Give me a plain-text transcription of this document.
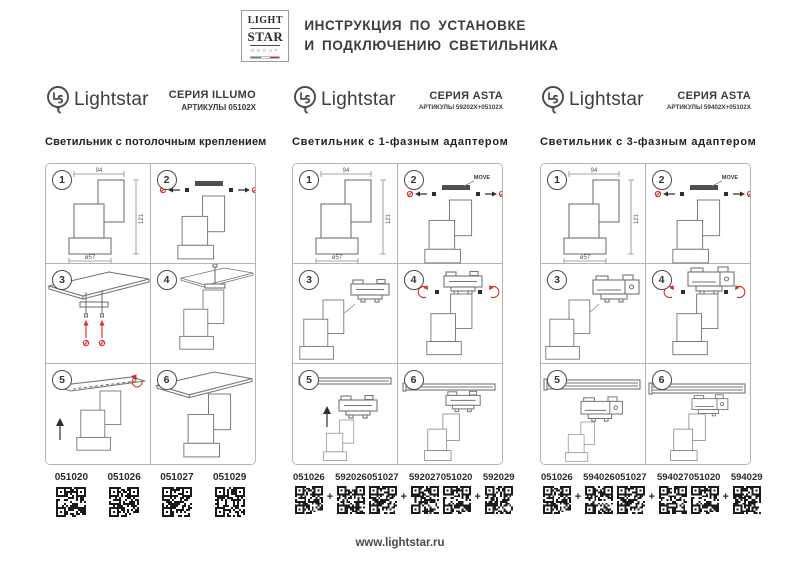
LIGHT
STAR
GROUP
ИНСТРУКЦИЯ ПО УСТАНОВКЕ
И ПОДКЛЮЧЕНИЮ СВЕТИЛЬНИКА
Lightstar СЕРИЯ ILLUMO
АРТИКУЛЫ 05102X
Светильник с потолочным креплением
1
94
121
ø57
2
3	4
5	6
051020 051026 051027 051029
Lightstar	СЕРИЯ ASTA
АРТИКУЛЫ 59202X+05102X
Светильник с 1-фазным адаптером
1	2	MOVE
3	4
5	6
051026
+
592026 051027
+
592027 051020
+
592029
Lightstar	СЕРИЯ ASTA
АРТИКУЛЫ 59402X+05102X
Светильник с 3-фазным адаптером
1	2	MOVE
3	4
5	6
051026
+
594026 051027
+
594027 051020
+
594029
www.lightstar.ru
